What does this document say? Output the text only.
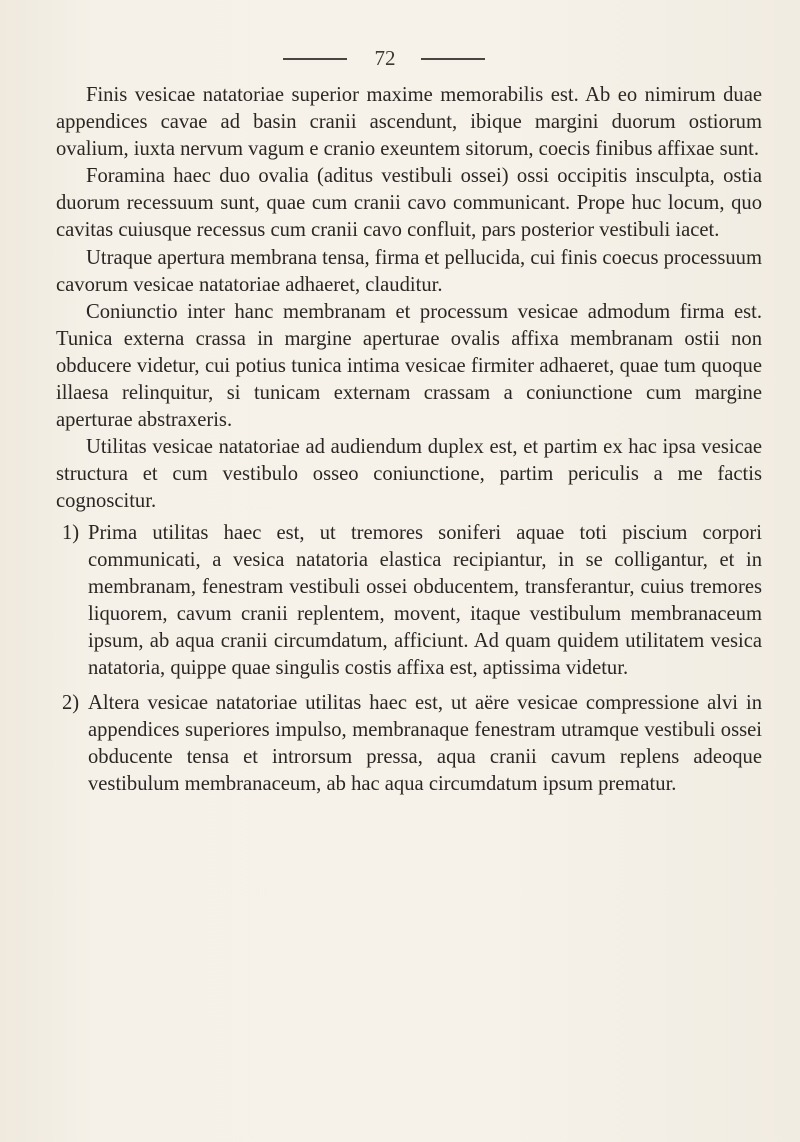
72

Finis vesicae natatoriae superior maxime memorabilis est. Ab eo nimirum duae appendices cavae ad basin cranii ascendunt, ibique margini duorum ostiorum ovalium, iuxta nervum vagum e cranio exeuntem sitorum, coecis finibus affixae sunt.

Foramina haec duo ovalia (aditus vestibuli ossei) ossi occipitis insculpta, ostia duorum recessuum sunt, quae cum cranii cavo communicant. Prope huc locum, quo cavitas cuiusque recessus cum cranii cavo confluit, pars posterior vestibuli iacet.

Utraque apertura membrana tensa, firma et pellucida, cui finis coecus processuum cavorum vesicae natatoriae adhaeret, clauditur.

Coniunctio inter hanc membranam et processum vesicae admodum firma est. Tunica externa crassa in margine aperturae ovalis affixa membranam ostii non obducere videtur, cui potius tunica intima vesicae firmiter adhaeret, quae tum quoque illaesa relinquitur, si tunicam externam crassam a coniunctione cum margine aperturae abstraxeris.

Utilitas vesicae natatoriae ad audiendum duplex est, et partim ex hac ipsa vesicae structura et cum vestibulo osseo coniunctione, partim periculis a me factis cognoscitur.

1) Prima utilitas haec est, ut tremores soniferi aquae toti piscium corpori communicati, a vesica natatoria elastica recipiantur, in se colligantur, et in membranam, fenestram vestibuli ossei obducentem, transferantur, cuius tremores liquorem, cavum cranii replentem, movent, itaque vestibulum membranaceum ipsum, ab aqua cranii circumdatum, afficiunt. Ad quam quidem utilitatem vesica natatoria, quippe quae singulis costis affixa est, aptissima videtur.
2) Altera vesicae natatoriae utilitas haec est, ut aëre vesicae compressione alvi in appendices superiores impulso, membranaque fenestram utramque vestibuli ossei obducente tensa et introrsum pressa, aqua cranii cavum replens adeoque vestibulum membranaceum, ab hac aqua circumdatum ipsum prematur.
